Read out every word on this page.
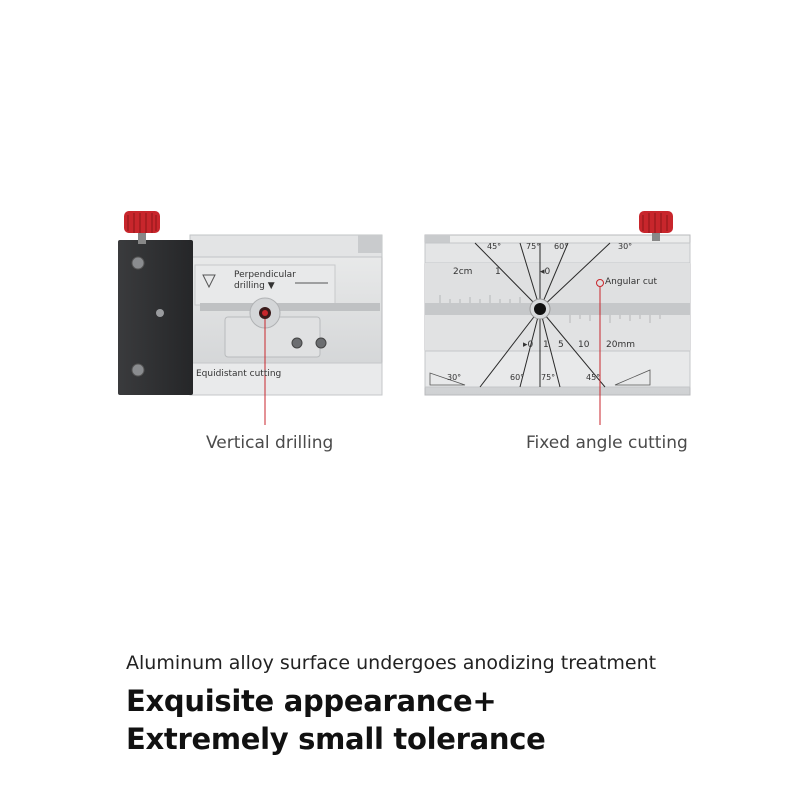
Perpendicular
drilling ▼
Equidistant cutting
Vertical drilling
45°	75° 60°	30°
2cm	1	◂0
Angular cut
▸0 1 5 10 20mm
30°	60° 75°	45°
Fixed angle cutting
Aluminum alloy surface undergoes anodizing treatment
Exquisite appearance+
Extremely small tolerance
